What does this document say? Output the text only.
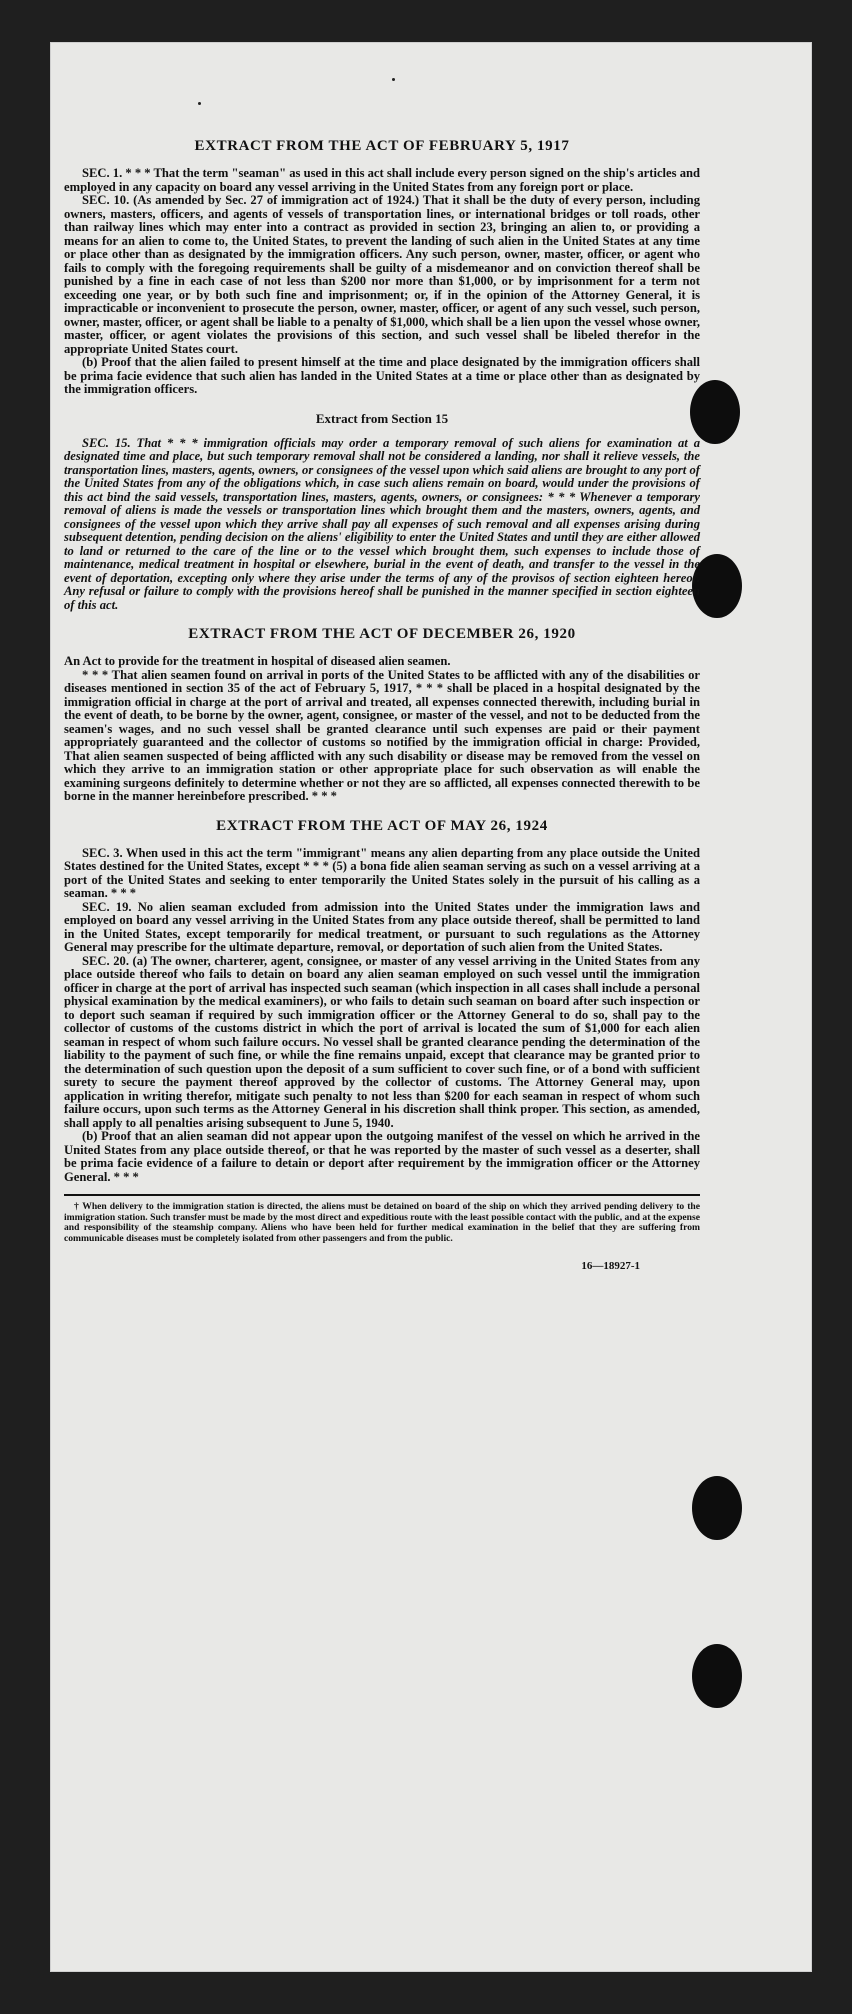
EXTRACT FROM THE ACT OF FEBRUARY 5, 1917

SEC. 1. * * * That the term "seaman" as used in this act shall include every person signed on the ship's articles and employed in any capacity on board any vessel arriving in the United States from any foreign port or place.

SEC. 10. (As amended by Sec. 27 of immigration act of 1924.) That it shall be the duty of every person, including owners, masters, officers, and agents of vessels of transportation lines, or international bridges or toll roads, other than railway lines which may enter into a contract as provided in section 23, bringing an alien to, or providing a means for an alien to come to, the United States, to prevent the landing of such alien in the United States at any time or place other than as designated by the immigration officers. Any such person, owner, master, officer, or agent who fails to comply with the foregoing requirements shall be guilty of a misdemeanor and on conviction thereof shall be punished by a fine in each case of not less than $200 nor more than $1,000, or by imprisonment for a term not exceeding one year, or by both such fine and imprisonment; or, if in the opinion of the Attorney General, it is impracticable or inconvenient to prosecute the person, owner, master, officer, or agent of any such vessel, such person, owner, master, officer, or agent shall be liable to a penalty of $1,000, which shall be a lien upon the vessel whose owner, master, officer, or agent violates the provisions of this section, and such vessel shall be libeled therefor in the appropriate United States court.

(b) Proof that the alien failed to present himself at the time and place designated by the immigration officers shall be prima facie evidence that such alien has landed in the United States at a time or place other than as designated by the immigration officers.

Extract from Section 15

SEC. 15. That * * * immigration officials may order a temporary removal of such aliens for examination at a designated time and place, but such temporary removal shall not be considered a landing, nor shall it relieve vessels, the transportation lines, masters, agents, owners, or consignees of the vessel upon which said aliens are brought to any port of the United States from any of the obligations which, in case such aliens remain on board, would under the provisions of this act bind the said vessels, transportation lines, masters, agents, owners, or consignees: * * * Whenever a temporary removal of aliens is made the vessels or transportation lines which brought them and the masters, owners, agents, and consignees of the vessel upon which they arrive shall pay all expenses of such removal and all expenses arising during subsequent detention, pending decision on the aliens' eligibility to enter the United States and until they are either allowed to land or returned to the care of the line or to the vessel which brought them, such expenses to include those of maintenance, medical treatment in hospital or elsewhere, burial in the event of death, and transfer to the vessel in the event of deportation, excepting only where they arise under the terms of any of the provisos of section eighteen hereof. Any refusal or failure to comply with the provisions hereof shall be punished in the manner specified in section eighteen of this act.

EXTRACT FROM THE ACT OF DECEMBER 26, 1920

An Act to provide for the treatment in hospital of diseased alien seamen.

* * * That alien seamen found on arrival in ports of the United States to be afflicted with any of the disabilities or diseases mentioned in section 35 of the act of February 5, 1917, * * * shall be placed in a hospital designated by the immigration official in charge at the port of arrival and treated, all expenses connected therewith, including burial in the event of death, to be borne by the owner, agent, consignee, or master of the vessel, and not to be deducted from the seamen's wages, and no such vessel shall be granted clearance until such expenses are paid or their payment appropriately guaranteed and the collector of customs so notified by the immigration official in charge: Provided, That alien seamen suspected of being afflicted with any such disability or disease may be removed from the vessel on which they arrive to an immigration station or other appropriate place for such observation as will enable the examining surgeons definitely to determine whether or not they are so afflicted, all expenses connected therewith to be borne in the manner hereinbefore prescribed. * * *

EXTRACT FROM THE ACT OF MAY 26, 1924

SEC. 3. When used in this act the term "immigrant" means any alien departing from any place outside the United States destined for the United States, except * * * (5) a bona fide alien seaman serving as such on a vessel arriving at a port of the United States and seeking to enter temporarily the United States solely in the pursuit of his calling as a seaman. * * *

SEC. 19. No alien seaman excluded from admission into the United States under the immigration laws and employed on board any vessel arriving in the United States from any place outside thereof, shall be permitted to land in the United States, except temporarily for medical treatment, or pursuant to such regulations as the Attorney General may prescribe for the ultimate departure, removal, or deportation of such alien from the United States.

SEC. 20. (a) The owner, charterer, agent, consignee, or master of any vessel arriving in the United States from any place outside thereof who fails to detain on board any alien seaman employed on such vessel until the immigration officer in charge at the port of arrival has inspected such seaman (which inspection in all cases shall include a personal physical examination by the medical examiners), or who fails to detain such seaman on board after such inspection or to deport such seaman if required by such immigration officer or the Attorney General to do so, shall pay to the collector of customs of the customs district in which the port of arrival is located the sum of $1,000 for each alien seaman in respect of whom such failure occurs. No vessel shall be granted clearance pending the determination of the liability to the payment of such fine, or while the fine remains unpaid, except that clearance may be granted prior to the determination of such question upon the deposit of a sum sufficient to cover such fine, or of a bond with sufficient surety to secure the payment thereof approved by the collector of customs. The Attorney General may, upon application in writing therefor, mitigate such penalty to not less than $200 for each seaman in respect of whom such failure occurs, upon such terms as the Attorney General in his discretion shall think proper. This section, as amended, shall apply to all penalties arising subsequent to June 5, 1940.

(b) Proof that an alien seaman did not appear upon the outgoing manifest of the vessel on which he arrived in the United States from any place outside thereof, or that he was reported by the master of such vessel as a deserter, shall be prima facie evidence of a failure to detain or deport after requirement by the immigration officer or the Attorney General. * * *

† When delivery to the immigration station is directed, the aliens must be detained on board of the ship on which they arrived pending delivery to the immigration station. Such transfer must be made by the most direct and expeditious route with the least possible contact with the public, and at the expense and responsibility of the steamship company. Aliens who have been held for further medical examination in the belief that they are suffering from communicable diseases must be completely isolated from other passengers and from the public.
16—18927-1
